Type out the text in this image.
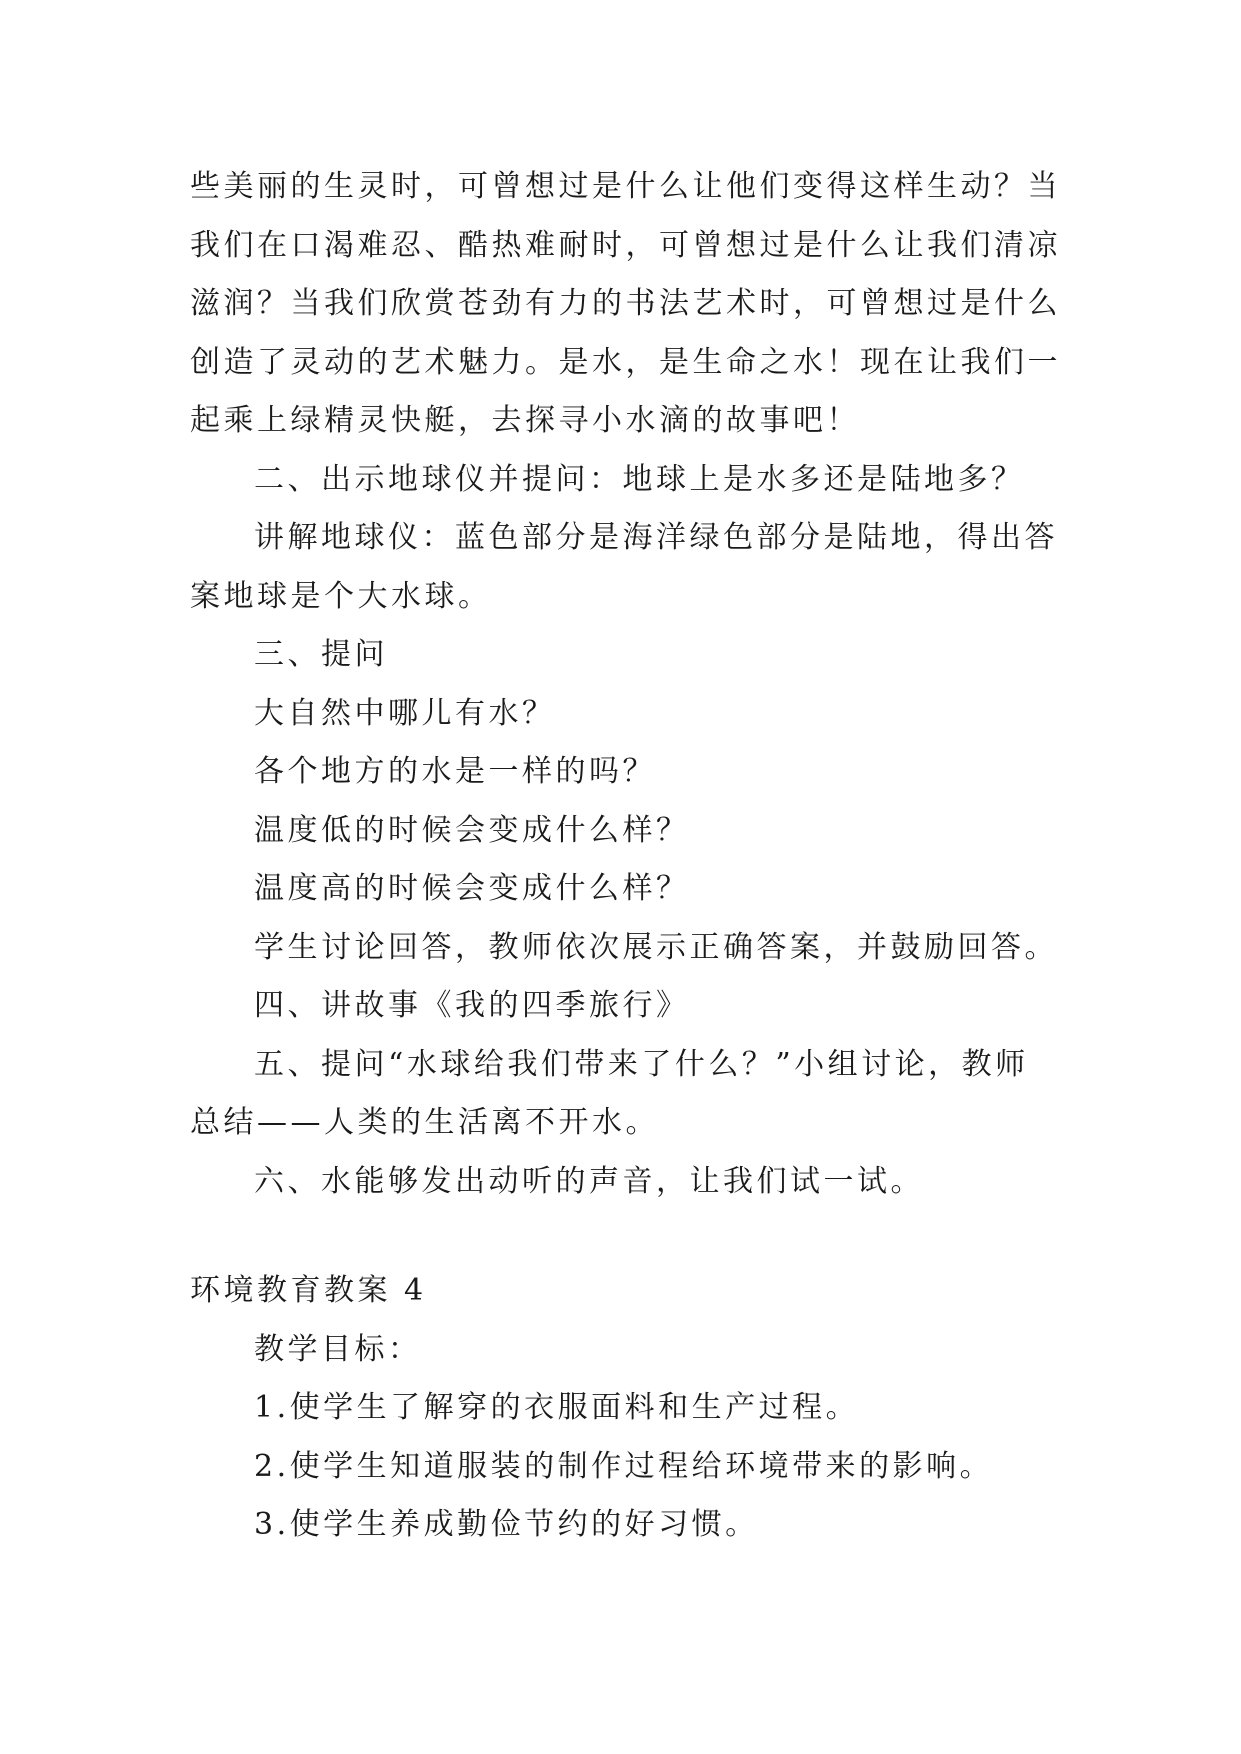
些美丽的生灵时，可曾想过是什么让他们变得这样生动？当
我们在口渴难忍、酷热难耐时，可曾想过是什么让我们清凉
滋润？当我们欣赏苍劲有力的书法艺术时，可曾想过是什么
创造了灵动的艺术魅力。是水，是生命之水！现在让我们一
起乘上绿精灵快艇，去探寻小水滴的故事吧！
二、出示地球仪并提问：地球上是水多还是陆地多？
讲解地球仪：蓝色部分是海洋绿色部分是陆地，得出答
案地球是个大水球。
三、提问
大自然中哪儿有水？
各个地方的水是一样的吗？
温度低的时候会变成什么样？
温度高的时候会变成什么样？
学生讨论回答，教师依次展示正确答案，并鼓励回答。
四、讲故事《我的四季旅行》
五、提问“水球给我们带来了什么？”小组讨论，教师
总结——人类的生活离不开水。
六、水能够发出动听的声音，让我们试一试。
环境教育教案 4
教学目标：
1.使学生了解穿的衣服面料和生产过程。
2.使学生知道服装的制作过程给环境带来的影响。
3.使学生养成勤俭节约的好习惯。
